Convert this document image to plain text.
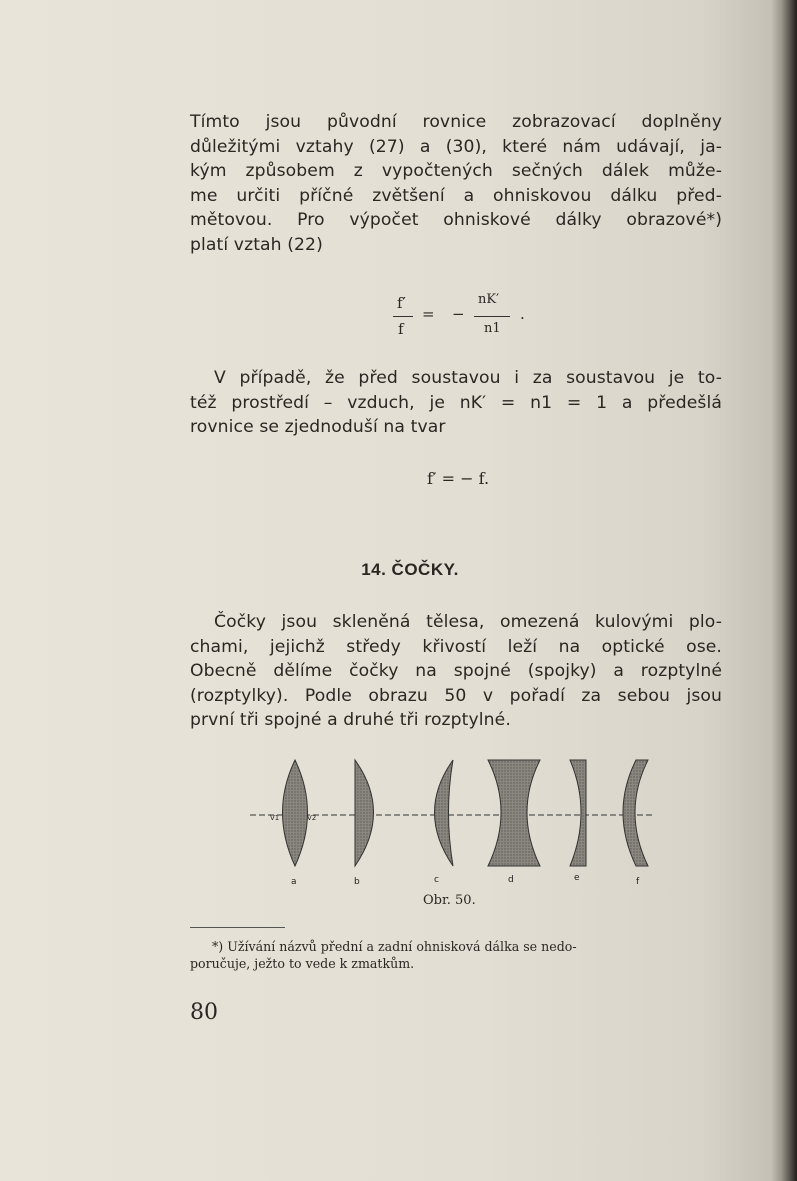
Tímto jsou původní rovnice zobrazovací doplněny
důležitými vztahy (27) a (30), které nám udávají, ja-
kým způsobem z vypočtených sečných dálek může-
me určiti příčné zvětšení a ohniskovou dálku před-
mětovou. Pro výpočet ohniskové dálky obrazové*)
platí vztah (22)
f′
f
= −
nK′
n1
.
V případě, že před soustavou i za soustavou je to-
též prostředí – vzduch, je nK′ = n1 = 1 a předešlá
rovnice se zjednoduší na tvar
f′ = − f.
14. ČOČKY.
Čočky jsou skleněná tělesa, omezená kulovými plo-
chami, jejichž středy křivostí leží na optické ose.
Obecně dělíme čočky na spojné (spojky) a rozptylné
(rozptylky). Podle obrazu 50 v pořadí za sebou jsou
první tři spojné a druhé tři rozptylné.
V1	V2
a	b	c	d	e	f
Obr. 50.
*) Užívání názvů přední a zadní ohnisková dálka se nedo-
poručuje, ježto to vede k zmatkům.
80
